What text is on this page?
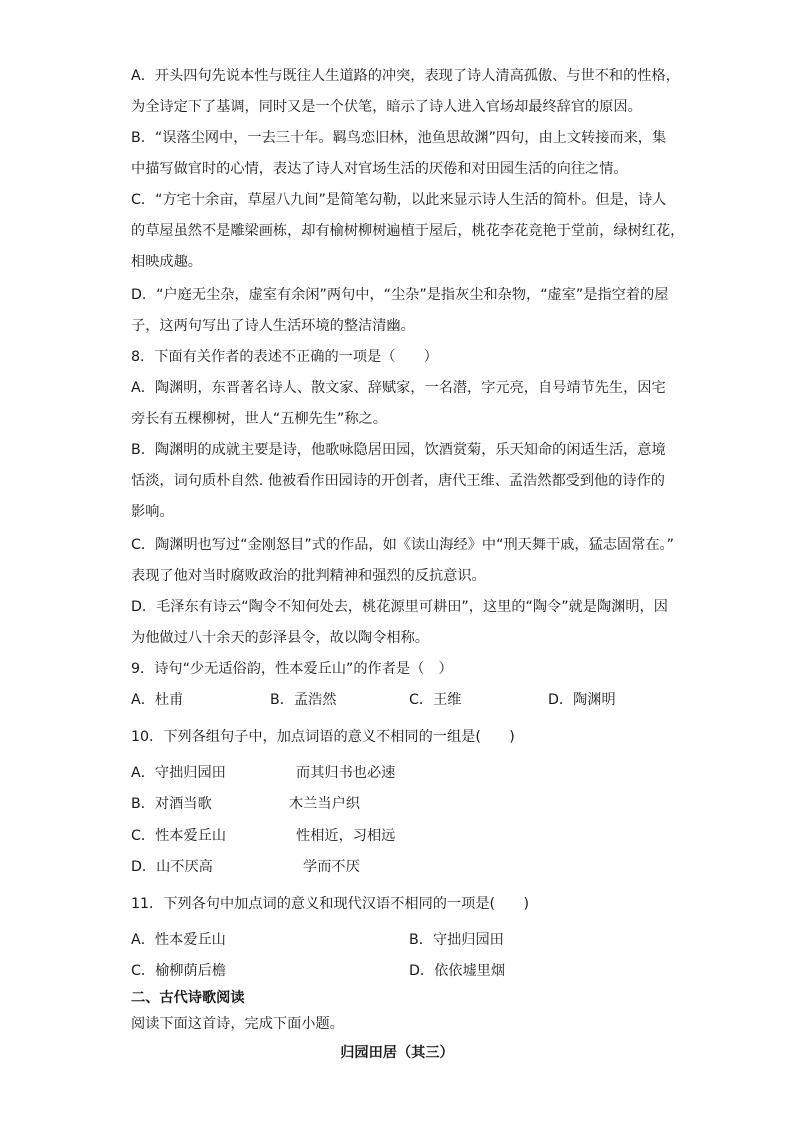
A．开头四句先说本性与既往人生道路的冲突，表现了诗人清高孤傲、与世不和的性格，
为全诗定下了基调，同时又是一个伏笔，暗示了诗人进入官场却最终辞官的原因。
B．“误落尘网中，一去三十年。羁鸟恋旧林，池鱼思故渊”四句，由上文转接而来，集
中描写做官时的心情，表达了诗人对官场生活的厌倦和对田园生活的向往之情。
C．“方宅十余亩，草屋八九间”是简笔勾勒，以此来显示诗人生活的简朴。但是，诗人
的草屋虽然不是雕梁画栋，却有榆树柳树遍植于屋后，桃花李花竞艳于堂前，绿树红花，
相映成趣。
D．“户庭无尘杂，虚室有余闲”两句中，“尘杂”是指灰尘和杂物，“虚室”是指空着的屋
子，这两句写出了诗人生活环境的整洁清幽。
8．下面有关作者的表述不正确的一项是（　　）
A．陶渊明，东晋著名诗人、散文家、辞赋家，一名潜，字元亮，自号靖节先生，因宅
旁长有五棵柳树，世人“五柳先生”称之。
B．陶渊明的成就主要是诗，他歌咏隐居田园，饮酒赏菊，乐天知命的闲适生活，意境
恬淡，词句质朴自然. 他被看作田园诗的开创者，唐代王维、孟浩然都受到他的诗作的
影响。
C．陶渊明也写过“金刚怒目”式的作品，如《读山海经》中“刑天舞干戚，猛志固常在。”
表现了他对当时腐败政治的批判精神和强烈的反抗意识。
D．毛泽东有诗云“陶令不知何处去，桃花源里可耕田”，这里的“陶令”就是陶渊明，因
为他做过八十余天的彭泽县令，故以陶令相称。
9．诗句“少无适俗韵，性本爱丘山”的作者是（　）
A．杜甫	B．孟浩然	C．王维	D．陶渊明
10．下列各组句子中，加点词语的意义不相同的一组是(　　)
A．守拙归园田	而其归书也必速
B．对酒当歌	木兰当户织
C．性本爱丘山	性相近，习相远
D．山不厌高	学而不厌
11．下列各句中加点词的意义和现代汉语不相同的一项是(　　)
A．性本爱丘山	B．守拙归园田
C．榆柳荫后檐	D．依依墟里烟
二、古代诗歌阅读
阅读下面这首诗，完成下面小题。
归园田居（其三）
